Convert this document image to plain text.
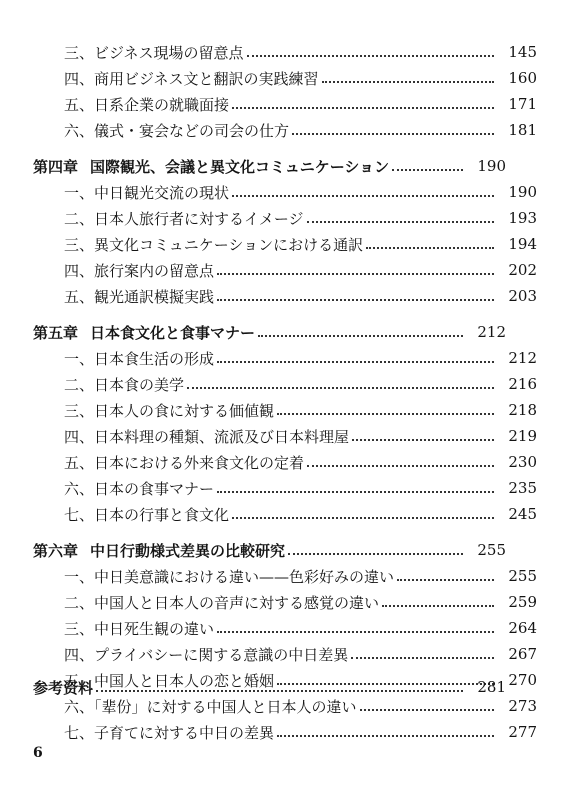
三、ビジネス現場の留意点	145
四、商用ビジネス文と翻訳の実践練習	160
五、日系企業の就職面接	171
六、儀式・宴会などの司会の仕方	181
第四章 国際観光、会議と異文化コミュニケーション	190
一、中日観光交流の現状	190
二、日本人旅行者に対するイメージ	193
三、異文化コミュニケーションにおける通訳	194
四、旅行案内の留意点	202
五、観光通訳模擬実践	203
第五章 日本食文化と食事マナー	212
一、日本食生活の形成	212
二、日本食の美学	216
三、日本人の食に対する価値観	218
四、日本料理の種類、流派及び日本料理屋	219
五、日本における外来食文化の定着	230
六、日本の食事マナー	235
七、日本の行事と食文化	245
第六章 中日行動様式差異の比較研究	255
一、中日美意識における違い——色彩好みの違い	255
二、中国人と日本人の音声に対する感覚の違い	259
三、中日死生観の違い	264
四、プライバシーに関する意識の中日差異	267
五、中国人と日本人の恋と婚姻	270
六、「辈份」に対する中国人と日本人の違い	273
七、子育てに対する中日の差異	277
参考资料	281
6
